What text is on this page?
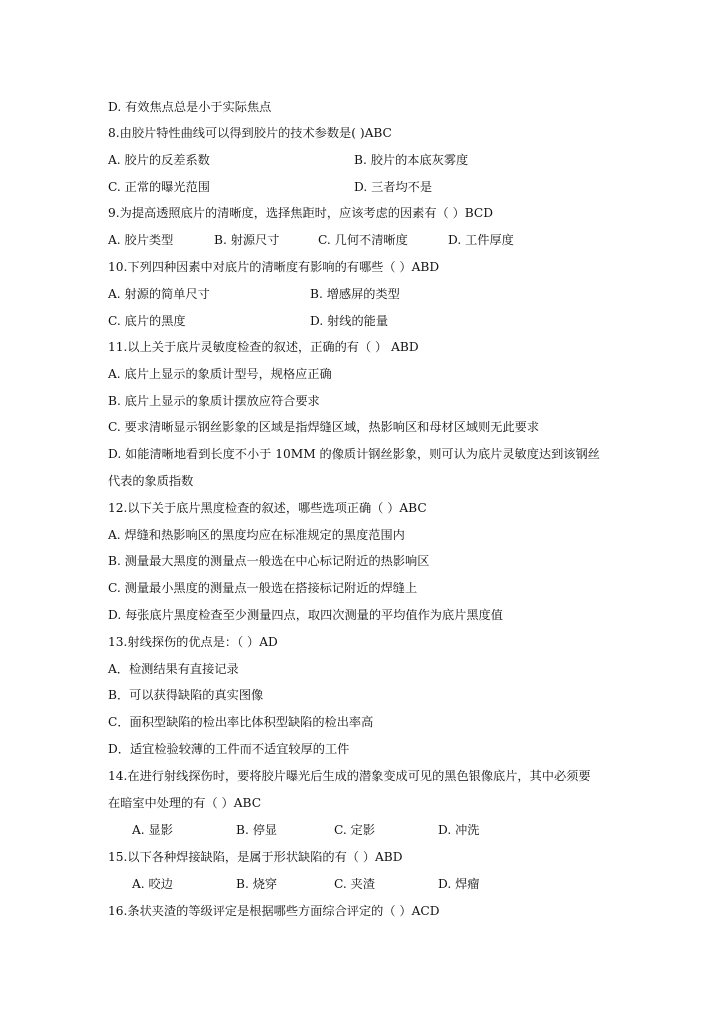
D. 有效焦点总是小于实际焦点

8.由胶片特性曲线可以得到胶片的技术参数是( )ABC

A. 胶片的反差系数	B. 胶片的本底灰雾度
C. 正常的曝光范围	D. 三者均不是

9.为提高透照底片的清晰度，选择焦距时，应该考虑的因素有（ ）BCD

A. 胶片类型	B. 射源尺寸	C. 几何不清晰度	D. 工件厚度

10.下列四种因素中对底片的清晰度有影响的有哪些（ ）ABD

A. 射源的简单尺寸	B. 增感屏的类型
C. 底片的黑度	D. 射线的能量

11.以上关于底片灵敏度检查的叙述，正确的有（ ） ABD

A. 底片上显示的象质计型号，规格应正确

B. 底片上显示的象质计摆放应符合要求

C. 要求清晰显示钢丝影象的区域是指焊缝区域，热影响区和母材区域则无此要求

D. 如能清晰地看到长度不小于 10MM 的像质计钢丝影象，则可认为底片灵敏度达到该钢丝

代表的象质指数

12.以下关于底片黑度检查的叙述，哪些选项正确（ ）ABC

A. 焊缝和热影响区的黑度均应在标准规定的黑度范围内

B. 测量最大黑度的测量点一般选在中心标记附近的热影响区

C. 测量最小黑度的测量点一般选在搭接标记附近的焊缝上

D. 每张底片黑度检查至少测量四点，取四次测量的平均值作为底片黑度值

13.射线探伤的优点是：（ ）AD

A．检测结果有直接记录

B．可以获得缺陷的真实图像

C．面积型缺陷的检出率比体积型缺陷的检出率高

D．适宜检验较薄的工件而不适宜较厚的工件

14.在进行射线探伤时，要将胶片曝光后生成的潜象变成可见的黑色银像底片，其中必须要

在暗室中处理的有（ ）ABC

A. 显影	B. 停显	C. 定影	D. 冲洗

15.以下各种焊接缺陷，是属于形状缺陷的有（ ）ABD

A. 咬边	B. 烧穿	C. 夹渣	D. 焊瘤

16.条状夹渣的等级评定是根据哪些方面综合评定的（ ）ACD
